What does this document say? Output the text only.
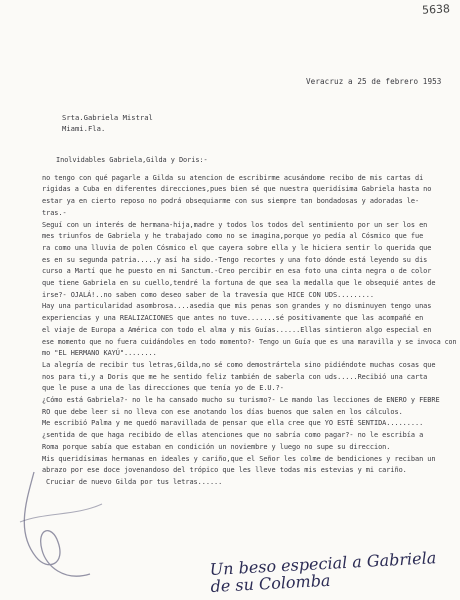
5638
Veracruz a 25 de febrero 1953
Srta.Gabriela Mistral
Miami.Fla.
Inolvidables Gabriela,Gilda y Doris:-
no tengo con qué pagarle a Gilda su atencion de escribirme acusándome recibo de mis cartas di
rigidas a Cuba en diferentes direcciones,pues bien sé que nuestra queridísima Gabriela hasta no
estar ya en cierto reposo no podrá obsequiarme con sus siempre tan bondadosas y adoradas le-
tras.-
Seguí con un interés de hermana-hija,madre y todos los todos del sentimiento por un ser los en
mes triunfos de Gabriela y he trabajado como no se imagina,porque yo pedía al Cósmico que fue
ra como una lluvia de polen Cósmico el que cayera sobre ella y le hiciera sentir lo querida que
es en su segunda patria.....y así ha sido.-Tengo recortes y una foto dónde está leyendo su dis
curso a Martí que he puesto en mi Sanctum.-Creo percibir en esa foto una cinta negra o de color
que tiene Gabriela en su cuello,tendré la fortuna de que sea la medalla que le obsequié antes de
irse?- OJALÁ!..no saben como deseo saber de la travesía que HICE CON UDS.........
Hay una particularidad asombrosa....asedia que mis penas son grandes y no disminuyen tengo unas
experiencias y una REALIZACIONES que antes no tuve.......sé positivamente que las acompañé en
el viaje de Europa a América con todo el alma y mis Guías......Ellas sintieron algo especial en
ese momento que no fuera cuidándoles en todo momento?- Tengo un Guía que es una maravilla y se invoca con
mo "EL HERMANO KAYÚ"........
La alegría de recibir tus letras,Gilda,no sé como demostrártela sino pidiéndote muchas cosas que
nos para ti,y a Doris que me he sentido feliz también de saberla con uds.....Recibió una carta
que le puse a una de las direcciones que tenía yo de E.U.?-
¿Cómo está Gabriela?- no le ha cansado mucho su turismo?- Le mando las lecciones de ENERO y FEBRE
RO que debe leer si no lleva con ese anotando los días buenos que salen en los cálculos.
Me escribió Palma y me quedó maravillada de pensar que ella cree que YO ESTÉ SENTIDA.........
¿sentida de que haga recibido de ellas atenciones que no sabría como pagar?- no le escribía a
Roma porque sabía que estaban en condición un noviembre y luego no supe su direccion.
Mis queridísimas hermanas en ideales y cariño,que el Señor les colme de bendiciones y reciban un
abrazo por ese doce jovenandoso del trópico que les lleve todas mis estevias y mi cariño.
Cruciar de nuevo Gilda por tus letras......
Un beso especial a Gabriela de su Colomba
